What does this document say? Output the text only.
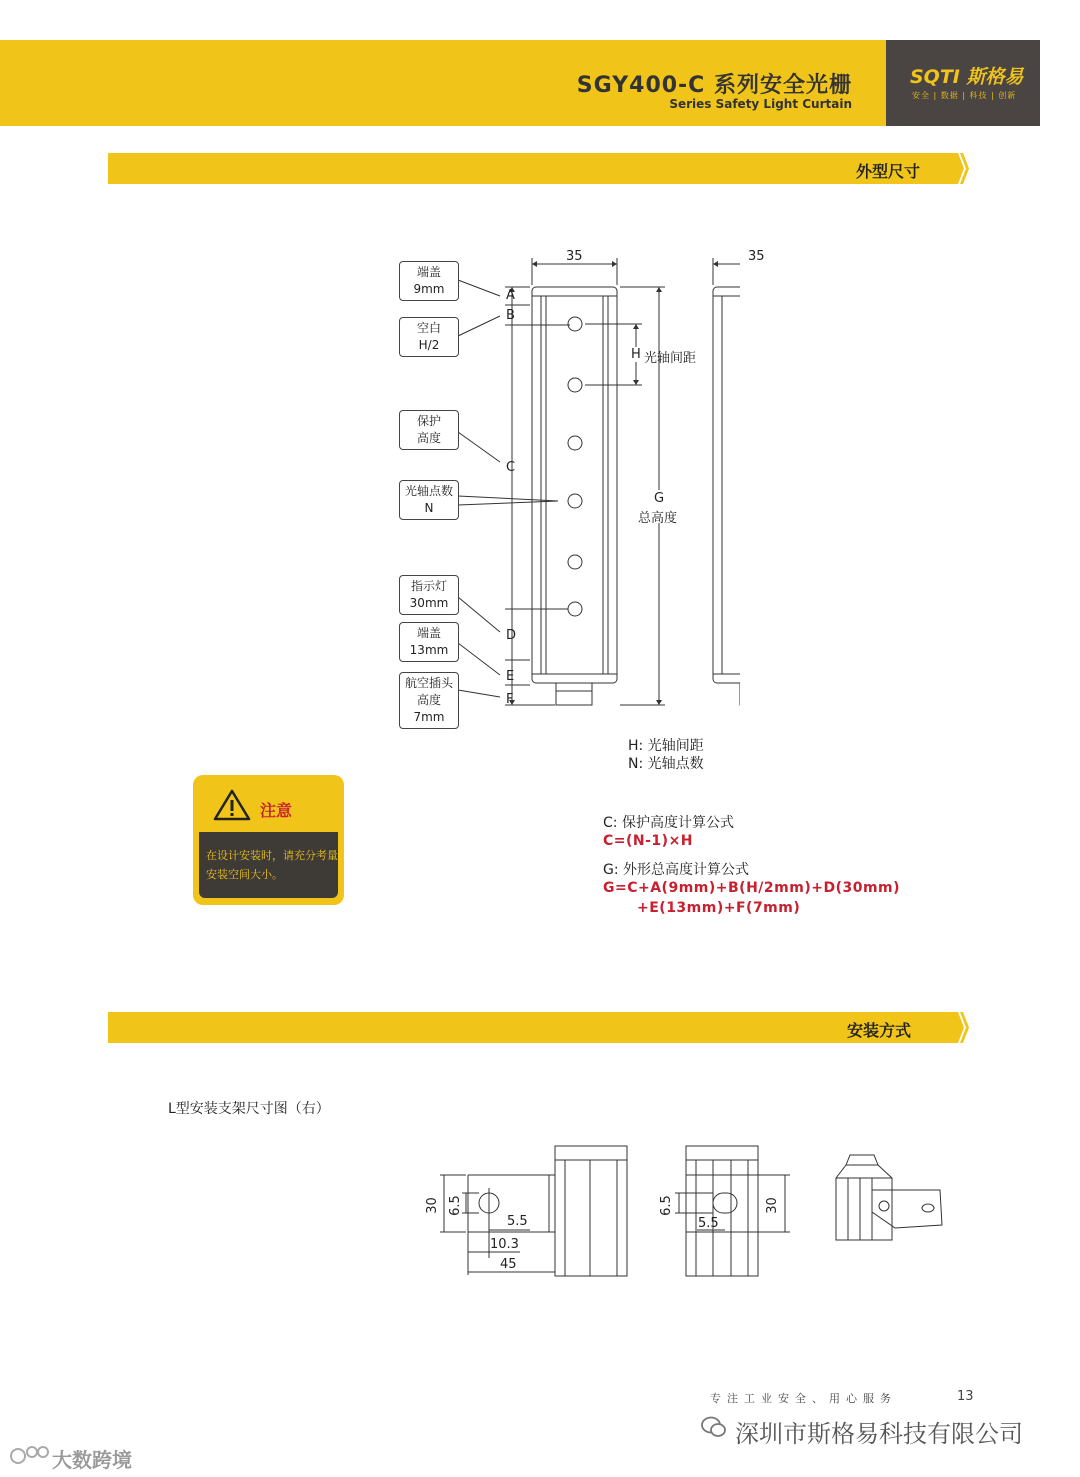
SGY400-C 系列安全光栅
Series Safety Light Curtain
SQTI 斯格易
安全 | 数据 | 科技 | 创新
外型尺寸
35	35
A
B
C
D
E
F
H 光轴间距
G
总高度
端盖
9mm
空白
H/2
保护
高度
光轴点数
N
指示灯
30mm
端盖
13mm
航空插头
高度7mm
H: 光轴间距
N: 光轴点数
C: 保护高度计算公式
C=(N-1)×H
G: 外形总高度计算公式
G=C+A(9mm)+B(H/2mm)+D(30mm)
+E(13mm)+F(7mm)
注意
在设计安装时，请充分考量安装空间大小。
安装方式
L型安装支架尺寸图（右）
30 6.5
5.5
10.3
45
6.5
5.5
30
专注工业安全、用心服务	13
深圳市斯格易科技有限公司
大数跨境
